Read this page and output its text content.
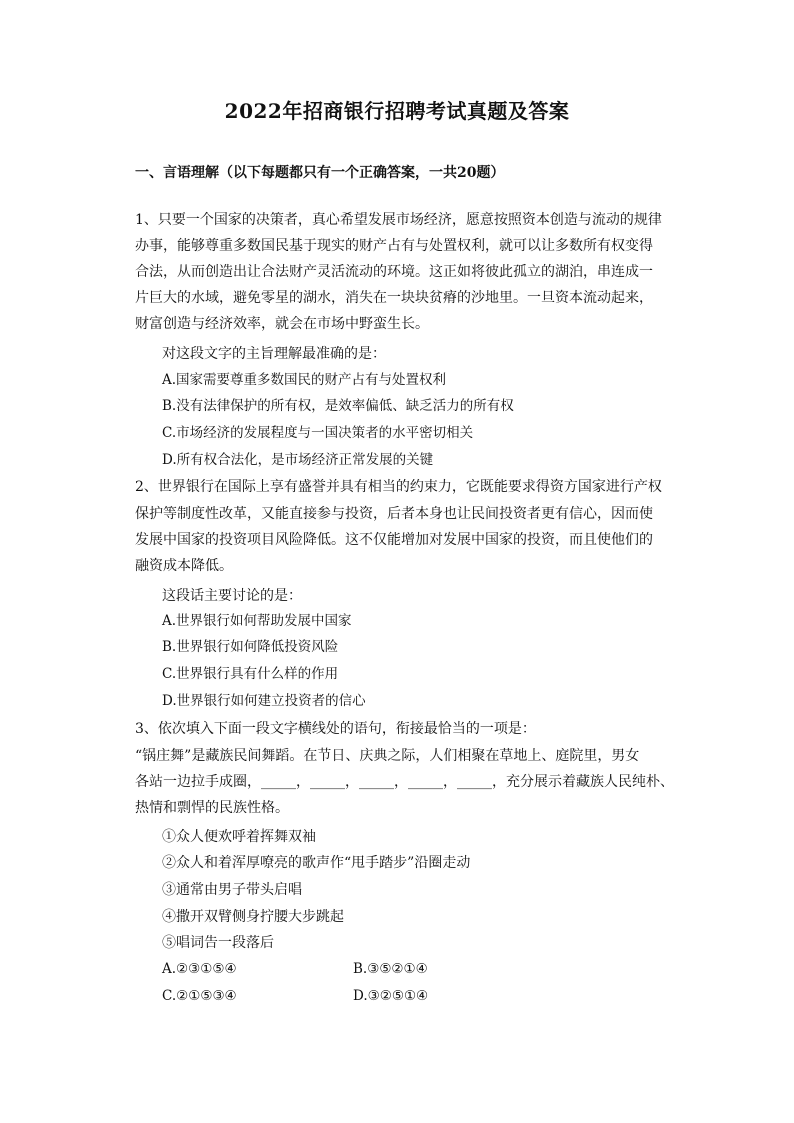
2022年招商银行招聘考试真题及答案
一、言语理解（以下每题都只有一个正确答案，一共20题）
1、只要一个国家的决策者，真心希望发展市场经济，愿意按照资本创造与流动的规律
办事，能够尊重多数国民基于现实的财产占有与处置权利，就可以让多数所有权变得
合法，从而创造出让合法财产灵活流动的环境。这正如将彼此孤立的湖泊，串连成一
片巨大的水域，避免零星的湖水，消失在一块块贫瘠的沙地里。一旦资本流动起来，
财富创造与经济效率，就会在市场中野蛮生长。
对这段文字的主旨理解最准确的是：
A.国家需要尊重多数国民的财产占有与处置权利
B.没有法律保护的所有权，是效率偏低、缺乏活力的所有权
C.市场经济的发展程度与一国决策者的水平密切相关
D.所有权合法化，是市场经济正常发展的关键
2、世界银行在国际上享有盛誉并具有相当的约束力，它既能要求得资方国家进行产权
保护等制度性改革，又能直接参与投资，后者本身也让民间投资者更有信心，因而使
发展中国家的投资项目风险降低。这不仅能增加对发展中国家的投资，而且使他们的
融资成本降低。
这段话主要讨论的是：
A.世界银行如何帮助发展中国家
B.世界银行如何降低投资风险
C.世界银行具有什么样的作用
D.世界银行如何建立投资者的信心
3、依次填入下面一段文字横线处的语句，衔接最恰当的一项是：
“锅庄舞”是藏族民间舞蹈。在节日、庆典之际，人们相聚在草地上、庭院里，男女
各站一边拉手成圈，_____，_____，_____，_____，_____，充分展示着藏族人民纯朴、
热情和剽悍的民族性格。
①众人便欢呼着挥舞双袖
②众人和着浑厚嘹亮的歌声作“甩手踏步”沿圈走动
③通常由男子带头启唱
④撒开双臂侧身拧腰大步跳起
⑤唱词告一段落后
A.②③①⑤④	B.③⑤②①④
C.②①⑤③④	D.③②⑤①④
